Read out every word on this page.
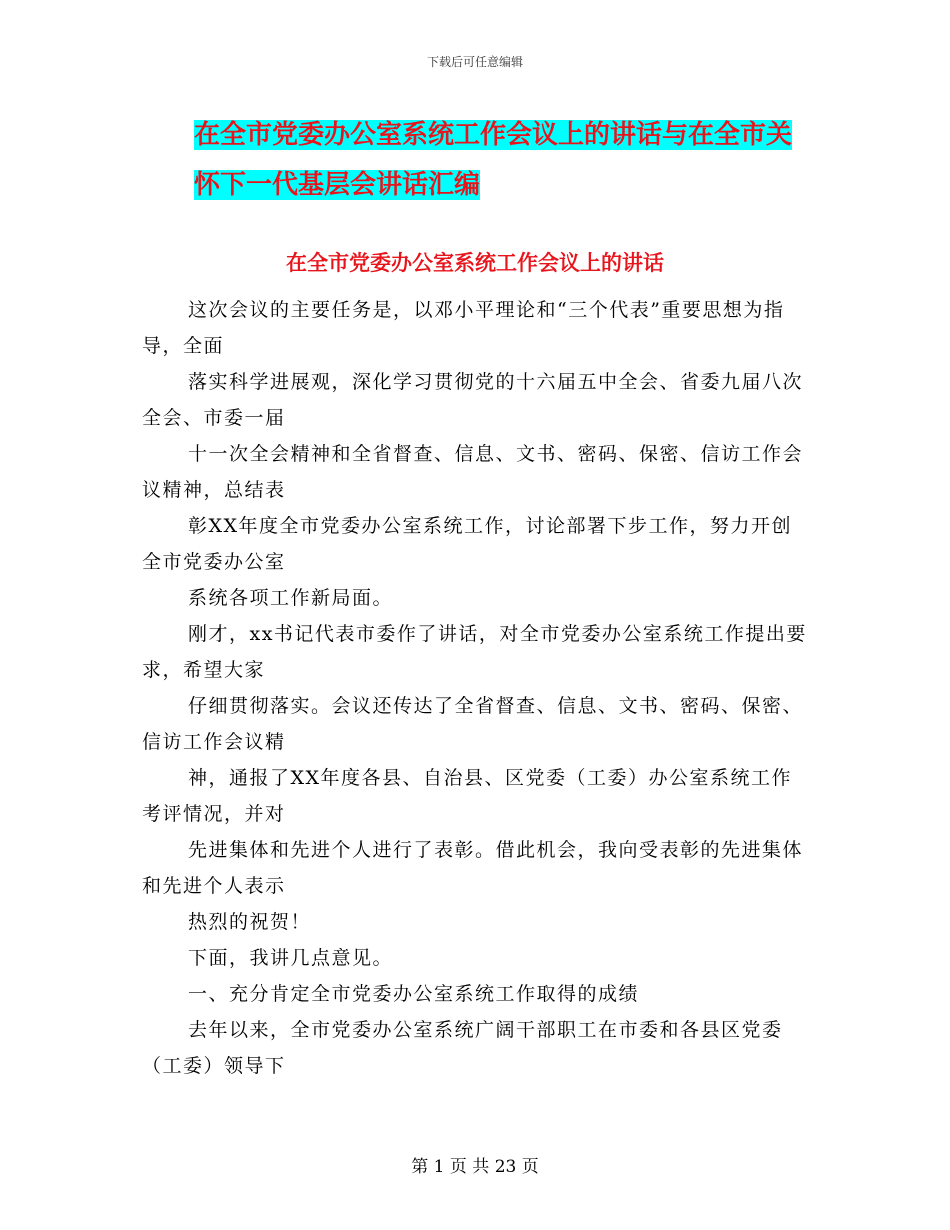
下载后可任意编辑
在全市党委办公室系统工作会议上的讲话与在全市关
怀下一代基层会讲话汇编
在全市党委办公室系统工作会议上的讲话

这次会议的主要任务是，以邓小平理论和“三个代表”重要思想为指导，全面

落实科学进展观，深化学习贯彻党的十六届五中全会、省委九届八次全会、市委一届

十一次全会精神和全省督查、信息、文书、密码、保密、信访工作会议精神，总结表

彰XX年度全市党委办公室系统工作，讨论部署下步工作，努力开创全市党委办公室

系统各项工作新局面。

刚才，xx书记代表市委作了讲话，对全市党委办公室系统工作提出要求，希望大家

仔细贯彻落实。会议还传达了全省督查、信息、文书、密码、保密、信访工作会议精

神，通报了XX年度各县、自治县、区党委（工委）办公室系统工作考评情况，并对

先进集体和先进个人进行了表彰。借此机会，我向受表彰的先进集体和先进个人表示

热烈的祝贺！

下面，我讲几点意见。

一、充分肯定全市党委办公室系统工作取得的成绩

去年以来，全市党委办公室系统广阔干部职工在市委和各县区党委（工委）领导下

第 1 页 共 23 页
